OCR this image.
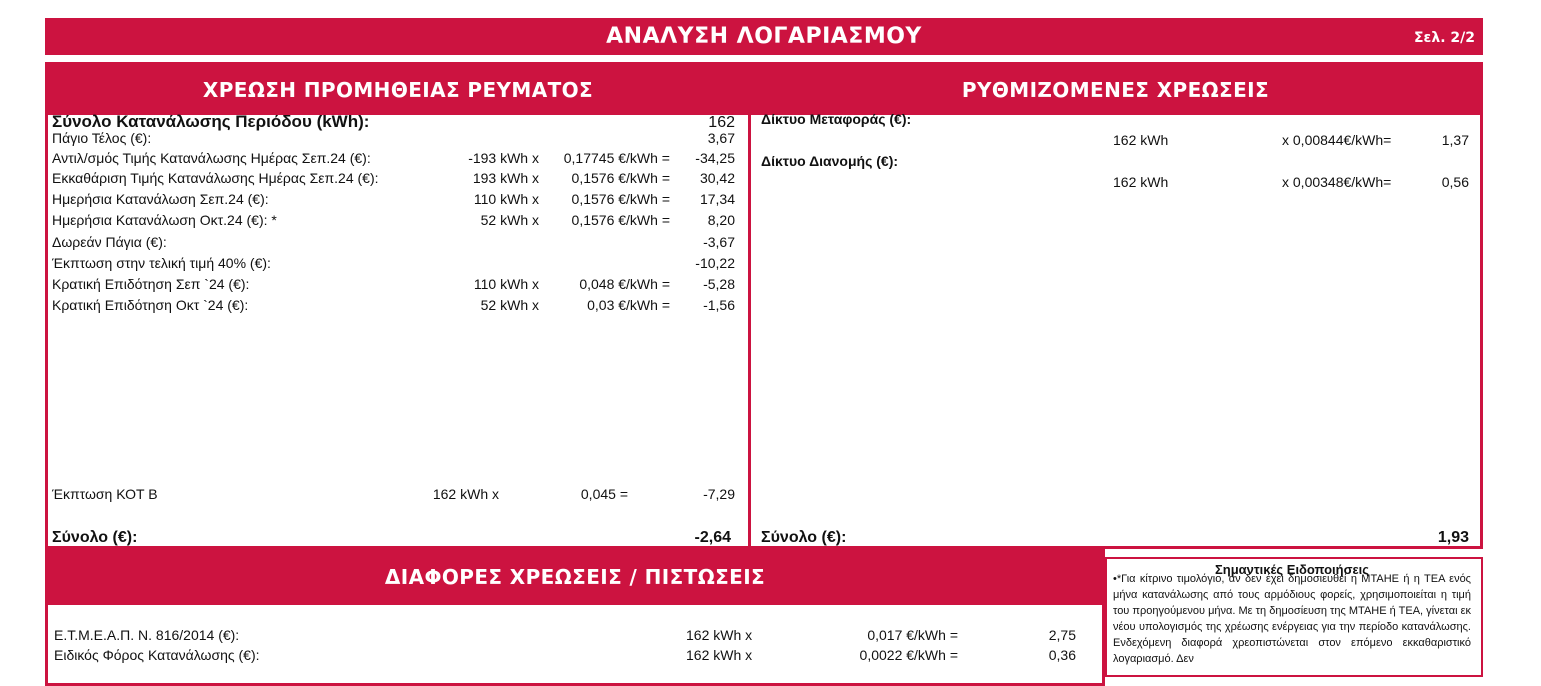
ΑΝΑΛΥΣΗ ΛΟΓΑΡΙΑΣΜΟΥ	Σελ. 2/2
ΧΡΕΩΣΗ ΠΡΟΜΗΘΕΙΑΣ ΡΕΥΜΑΤΟΣ	ΡΥΘΜΙΖΟΜΕΝΕΣ ΧΡΕΩΣΕΙΣ
ΔΙΑΦΟΡΕΣ ΧΡΕΩΣΕΙΣ / ΠΙΣΤΩΣΕΙΣ
Σύνολο Κατανάλωσης Περιόδου (kWh):	162
Πάγιο Τέλος (€):	3,67
Αντιλ/σμός Τιμής Κατανάλωσης Ημέρας Σεπ.24 (€):	-193 kWh x 0,17745 €/kWh = -34,25
Εκκαθάριση Τιμής Κατανάλωσης Ημέρας Σεπ.24 (€):	193 kWh x 0,1576 €/kWh = 30,42
Ημερήσια Κατανάλωση Σεπ.24 (€):	110 kWh x 0,1576 €/kWh = 17,34
Ημερήσια Κατανάλωση Οκτ.24 (€): *	52 kWh x 0,1576 €/kWh =	8,20
Δωρεάν Πάγια (€):	-3,67
Έκπτωση στην τελική τιμή 40% (€):	-10,22
Κρατική Επιδότηση Σεπ `24 (€):	110 kWh x	0,048 €/kWh = -5,28
Κρατική Επιδότηση Οκτ `24 (€):	52 kWh x	0,03 €/kWh = -1,56
Έκπτωση ΚΟΤ Β	162 kWh x	0,045 =	-7,29
Σύνολο (€):	-2,64
Δίκτυο Μεταφοράς (€):
162 kWh	x 0,00844€/kWh=	1,37
Δίκτυο Διανομής (€):
162 kWh	x 0,00348€/kWh=	0,56
Σύνολο (€):	1,93
Ε.Τ.Μ.Ε.Α.Π. Ν. 816/2014 (€):	162 kWh x	0,017 €/kWh =	2,75
Ειδικός Φόρος Κατανάλωσης (€):	162 kWh x	0,0022 €/kWh =	0,36
Σημαντικές Ειδοποιήσεις
•*Για κίτρινο τιμολόγιο, αν δεν έχει δημοσιευθεί η ΜΤΑΗΕ ή η ΤΕΑ ενός μήνα κατανάλωσης από τους αρμόδιους φορείς, χρησιμοποιείται η τιμή του προηγούμενου μήνα. Με τη δημοσίευση της ΜΤΑΗΕ ή ΤΕΑ, γίνεται εκ νέου υπολογισμός της χρέωσης ενέργειας για την περίοδο κατανάλωσης. Ενδεχόμενη διαφορά χρεοπιστώνεται στον επόμενο εκκαθαριστικό λογαριασμό. Δεν
